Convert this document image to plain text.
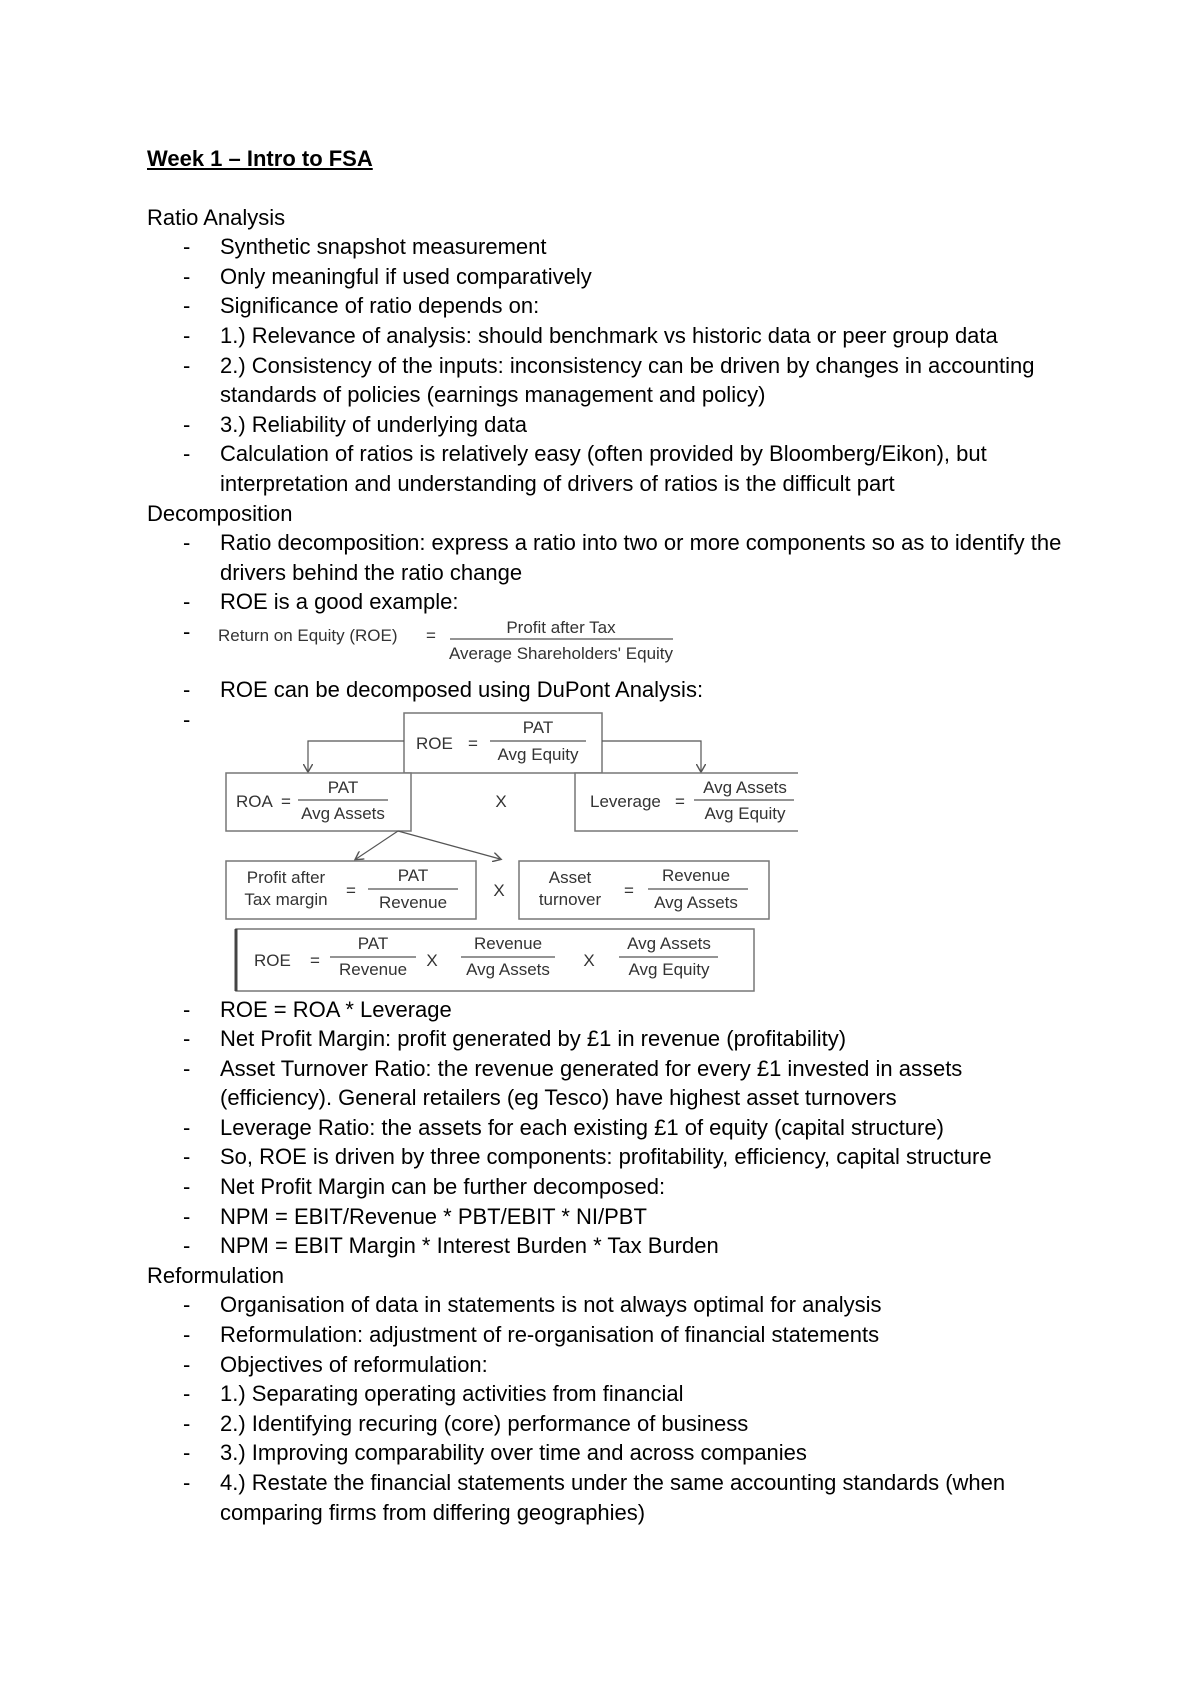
Week 1 – Intro to FSA
Ratio Analysis
- Synthetic snapshot measurement
- Only meaningful if used comparatively
- Significance of ratio depends on:
- 1.) Relevance of analysis: should benchmark vs historic data or peer group data
- 2.) Consistency of the inputs: inconsistency can be driven by changes in accounting standards of policies (earnings management and policy)
- 3.) Reliability of underlying data
- Calculation of ratios is relatively easy (often provided by Bloomberg/Eikon), but interpretation and understanding of drivers of ratios is the difficult part
Decomposition
- Ratio decomposition: express a ratio into two or more components so as to identify the drivers behind the ratio change
- ROE is a good example:
- Return on Equity (ROE) =	Profit after Tax
Average Shareholders' Equity
- ROE can be decomposed using DuPont Analysis:
- ROE =
PAT
Avg Equity
ROA =
PAT
Avg Assets
X	Leverage =
Avg Assets
Avg Equity
Profit after
Tax margin =
PAT
Revenue
X
Asset
turnover =
Revenue
Avg Assets
ROE =
PAT
Revenue X
Revenue
Avg Assets X
Avg Assets
Avg Equity
- ROE = ROA * Leverage
- Net Profit Margin: profit generated by £1 in revenue (profitability)
- Asset Turnover Ratio: the revenue generated for every £1 invested in assets (efficiency). General retailers (eg Tesco) have highest asset turnovers
- Leverage Ratio: the assets for each existing £1 of equity (capital structure)
- So, ROE is driven by three components: profitability, efficiency, capital structure
- Net Profit Margin can be further decomposed:
- NPM = EBIT/Revenue * PBT/EBIT * NI/PBT
- NPM = EBIT Margin * Interest Burden * Tax Burden
Reformulation
- Organisation of data in statements is not always optimal for analysis
- Reformulation: adjustment of re-organisation of financial statements
- Objectives of reformulation:
- 1.) Separating operating activities from financial
- 2.) Identifying recuring (core) performance of business
- 3.) Improving comparability over time and across companies
- 4.) Restate the financial statements under the same accounting standards (when comparing firms from differing geographies)
